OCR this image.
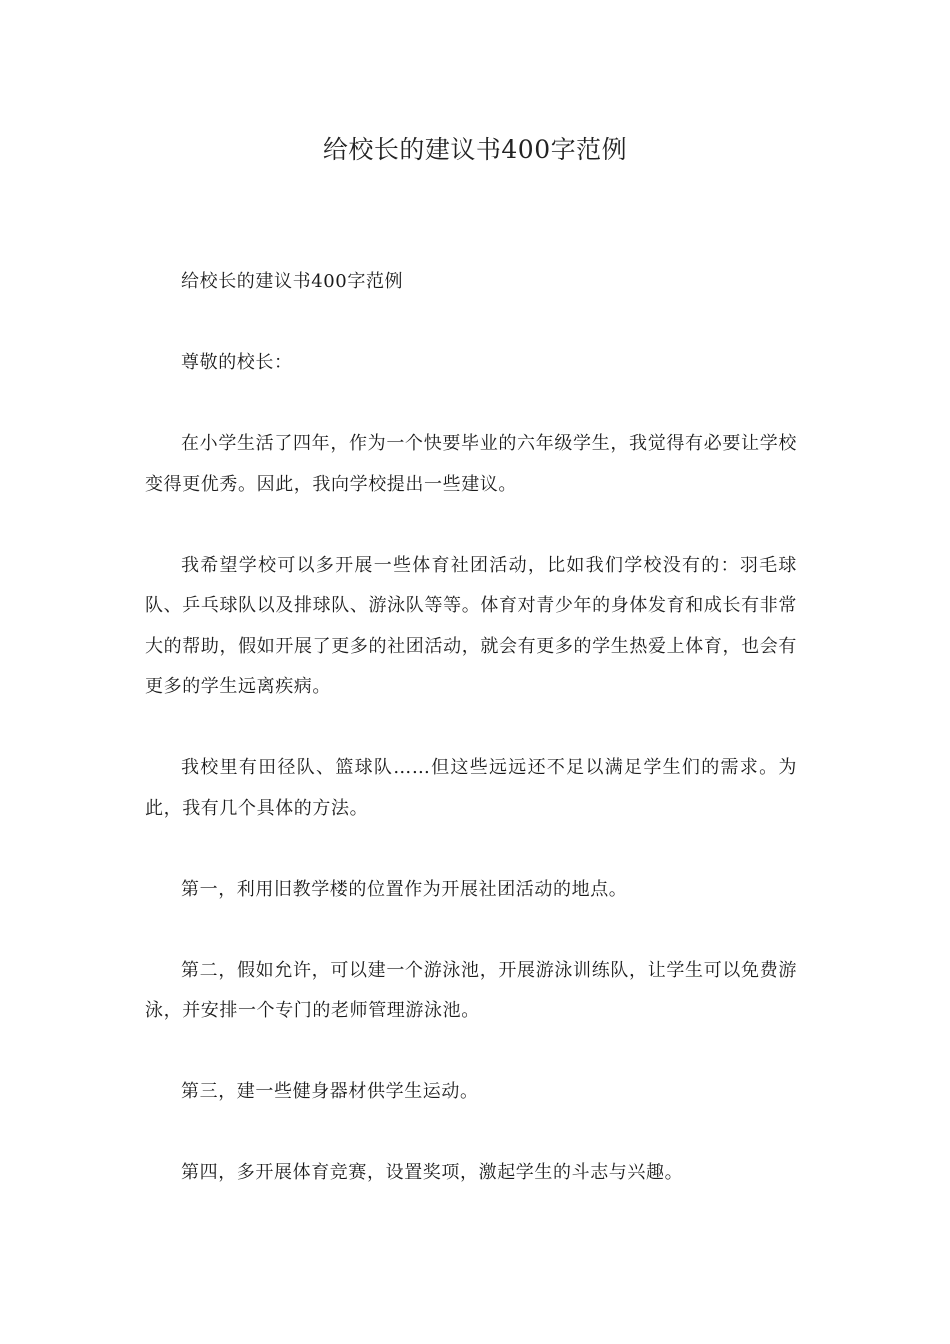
给校长的建议书400字范例

给校长的建议书400字范例

尊敬的校长：

在小学生活了四年，作为一个快要毕业的六年级学生，我觉得有必要让学校变得更优秀。因此，我向学校提出一些建议。

我希望学校可以多开展一些体育社团活动，比如我们学校没有的：羽毛球队、乒乓球队以及排球队、游泳队等等。体育对青少年的身体发育和成长有非常大的帮助，假如开展了更多的社团活动，就会有更多的学生热爱上体育，也会有更多的学生远离疾病。

我校里有田径队、篮球队……但这些远远还不足以满足学生们的需求。为此，我有几个具体的方法。

第一，利用旧教学楼的位置作为开展社团活动的地点。

第二，假如允许，可以建一个游泳池，开展游泳训练队，让学生可以免费游泳，并安排一个专门的老师管理游泳池。

第三，建一些健身器材供学生运动。

第四，多开展体育竞赛，设置奖项，激起学生的斗志与兴趣。
